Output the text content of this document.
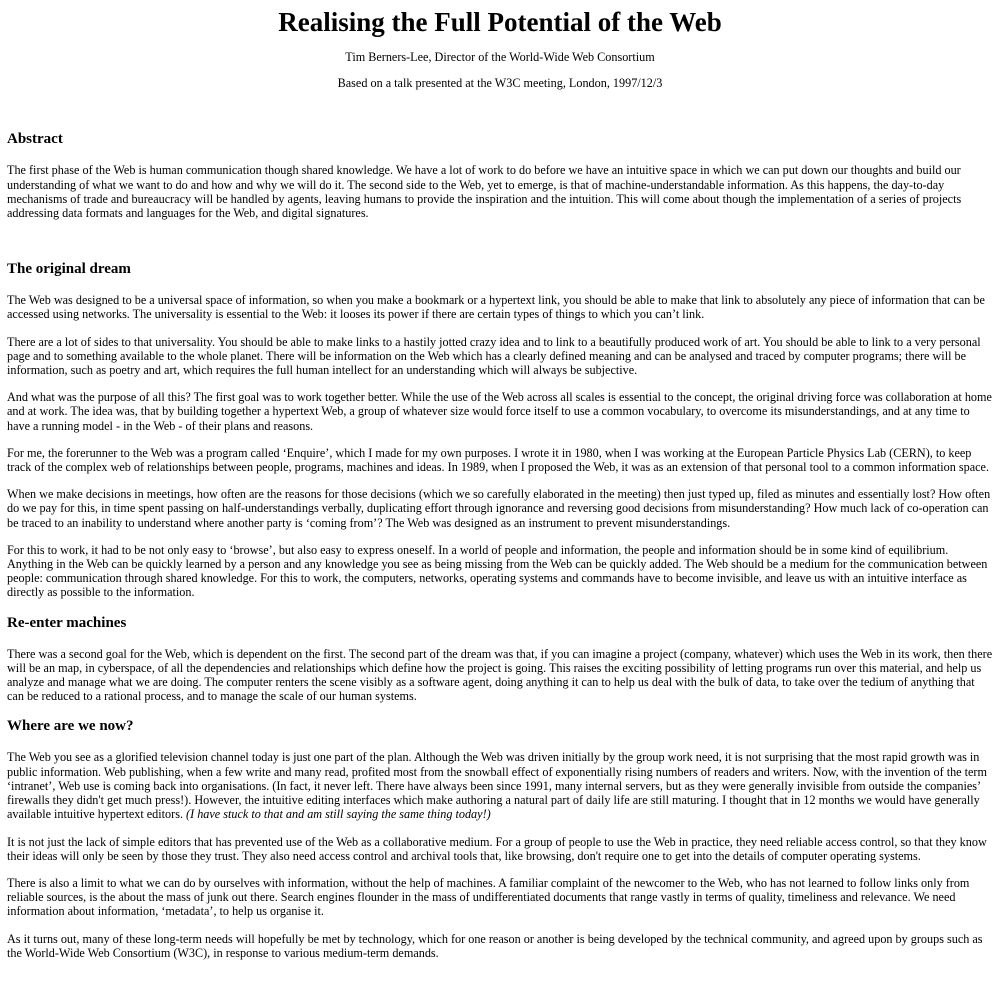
Realising the Full Potential of the Web

Tim Berners-Lee, Director of the World-Wide Web Consortium

Based on a talk presented at the W3C meeting, London, 1997/12/3

Abstract

The first phase of the Web is human communication though shared knowledge. We have a lot of work to do before we have an intuitive space in which we can put down our thoughts and build our understanding of what we want to do and how and why we will do it. The second side to the Web, yet to emerge, is that of machine-understandable information. As this happens, the day-to-day mechanisms of trade and bureaucracy will be handled by agents, leaving humans to provide the inspiration and the intuition. This will come about though the implementation of a series of projects addressing data formats and languages for the Web, and digital signatures.

The original dream

The Web was designed to be a universal space of information, so when you make a bookmark or a hypertext link, you should be able to make that link to absolutely any piece of information that can be accessed using networks. The universality is essential to the Web: it looses its power if there are certain types of things to which you can’t link.

There are a lot of sides to that universality. You should be able to make links to a hastily jotted crazy idea and to link to a beautifully produced work of art. You should be able to link to a very personal page and to something available to the whole planet. There will be information on the Web which has a clearly defined meaning and can be analysed and traced by computer programs; there will be information, such as poetry and art, which requires the full human intellect for an understanding which will always be subjective.

And what was the purpose of all this? The first goal was to work together better. While the use of the Web across all scales is essential to the concept, the original driving force was collaboration at home and at work. The idea was, that by building together a hypertext Web, a group of whatever size would force itself to use a common vocabulary, to overcome its misunderstandings, and at any time to have a running model - in the Web - of their plans and reasons.

For me, the forerunner to the Web was a program called ‘Enquire’, which I made for my own purposes. I wrote it in 1980, when I was working at the European Particle Physics Lab (CERN), to keep track of the complex web of relationships between people, programs, machines and ideas. In 1989, when I proposed the Web, it was as an extension of that personal tool to a common information space.

When we make decisions in meetings, how often are the reasons for those decisions (which we so carefully elaborated in the meeting) then just typed up, filed as minutes and essentially lost? How often do we pay for this, in time spent passing on half-understandings verbally, duplicating effort through ignorance and reversing good decisions from misunderstanding? How much lack of co-operation can be traced to an inability to understand where another party is ‘coming from’? The Web was designed as an instrument to prevent misunderstandings.

For this to work, it had to be not only easy to ‘browse’, but also easy to express oneself. In a world of people and information, the people and information should be in some kind of equilibrium. Anything in the Web can be quickly learned by a person and any knowledge you see as being missing from the Web can be quickly added. The Web should be a medium for the communication between people: communication through shared knowledge. For this to work, the computers, networks, operating systems and commands have to become invisible, and leave us with an intuitive interface as directly as possible to the information.

Re-enter machines

There was a second goal for the Web, which is dependent on the first. The second part of the dream was that, if you can imagine a project (company, whatever) which uses the Web in its work, then there will be an map, in cyberspace, of all the dependencies and relationships which define how the project is going. This raises the exciting possibility of letting programs run over this material, and help us analyze and manage what we are doing. The computer renters the scene visibly as a software agent, doing anything it can to help us deal with the bulk of data, to take over the tedium of anything that can be reduced to a rational process, and to manage the scale of our human systems.

Where are we now?

The Web you see as a glorified television channel today is just one part of the plan. Although the Web was driven initially by the group work need, it is not surprising that the most rapid growth was in public information. Web publishing, when a few write and many read, profited most from the snowball effect of exponentially rising numbers of readers and writers. Now, with the invention of the term ‘intranet’, Web use is coming back into organisations. (In fact, it never left. There have always been since 1991, many internal servers, but as they were generally invisible from outside the companies’ firewalls they didn't get much press!). However, the intuitive editing interfaces which make authoring a natural part of daily life are still maturing. I thought that in 12 months we would have generally available intuitive hypertext editors. (I have stuck to that and am still saying the same thing today!)

It is not just the lack of simple editors that has prevented use of the Web as a collaborative medium. For a group of people to use the Web in practice, they need reliable access control, so that they know their ideas will only be seen by those they trust. They also need access control and archival tools that, like browsing, don't require one to get into the details of computer operating systems.

There is also a limit to what we can do by ourselves with information, without the help of machines. A familiar complaint of the newcomer to the Web, who has not learned to follow links only from reliable sources, is the about the mass of junk out there. Search engines flounder in the mass of undifferentiated documents that range vastly in terms of quality, timeliness and relevance. We need information about information, ‘metadata’, to help us organise it.

As it turns out, many of these long-term needs will hopefully be met by technology, which for one reason or another is being developed by the technical community, and agreed upon by groups such as the World-Wide Web Consortium (W3C), in response to various medium-term demands.
